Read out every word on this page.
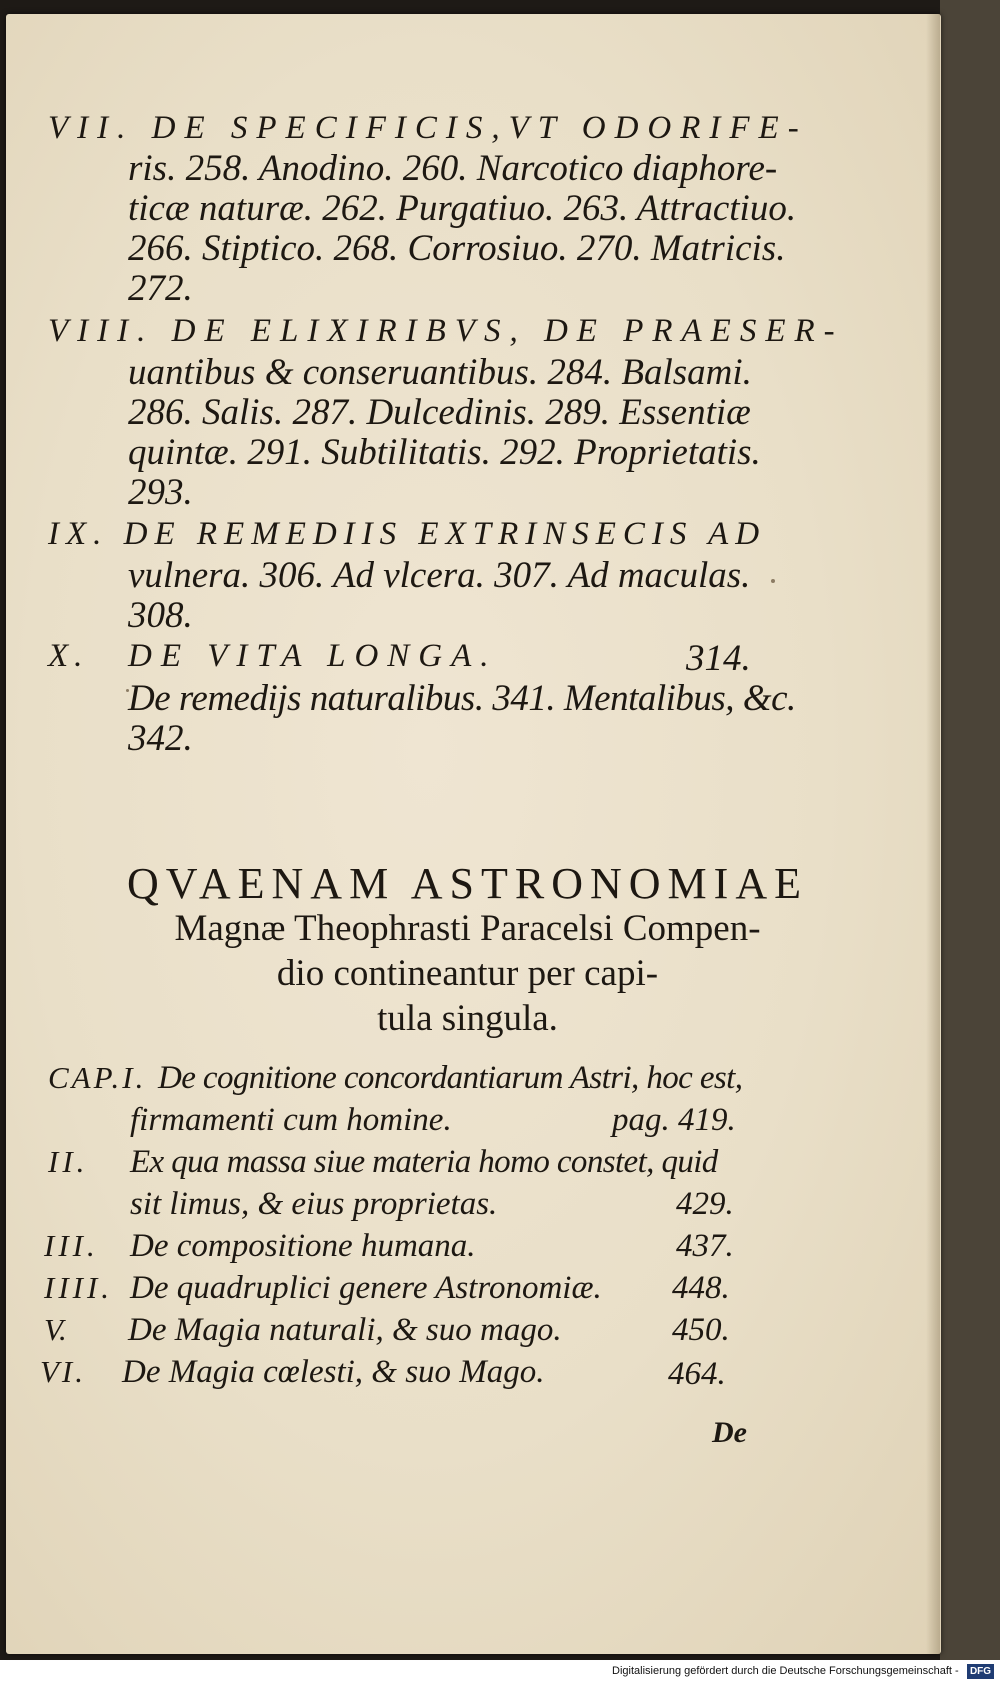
VII. DE SPECIFICIS,VT ODORIFE-
ris. 258. Anodino. 260. Narcotico diaphore-
ticæ naturæ. 262. Purgatiuo. 263. Attractiuo.
266. Stiptico. 268. Corrosiuo. 270. Matricis.
272.
VIII. DE ELIXIRIBVS, DE PRAESER-
uantibus & conseruantibus. 284. Balsami.
286. Salis. 287. Dulcedinis. 289. Essentiæ
quintæ. 291. Subtilitatis. 292. Proprietatis.
293.
IX. DE REMEDIIS EXTRINSECIS AD
vulnera. 306. Ad vlcera. 307. Ad maculas.
308.
X. DE VITA LONGA.	314.
De remedijs naturalibus. 341. Mentalibus, &c.
342.
QVAENAM ASTRONOMIAE
Magnæ Theophrasti Paracelsi Compen-
dio contineantur per capi-
tula singula.
CAP.I. De cognitione concordantiarum Astri, hoc est,
firmamenti cum homine.	pag. 419.
II. Ex qua massa siue materia homo constet, quid
sit limus, & eius proprietas.	429.
III. De compositione humana.	437.
IIII. De quadruplici genere Astronomiæ. 448.
V. De Magia naturali, & suo mago.	450.
VI. De Magia cœlesti, & suo Mago.	464.
De
Digitalisierung gefördert durch die Deutsche Forschungsgemeinschaft - DFG
